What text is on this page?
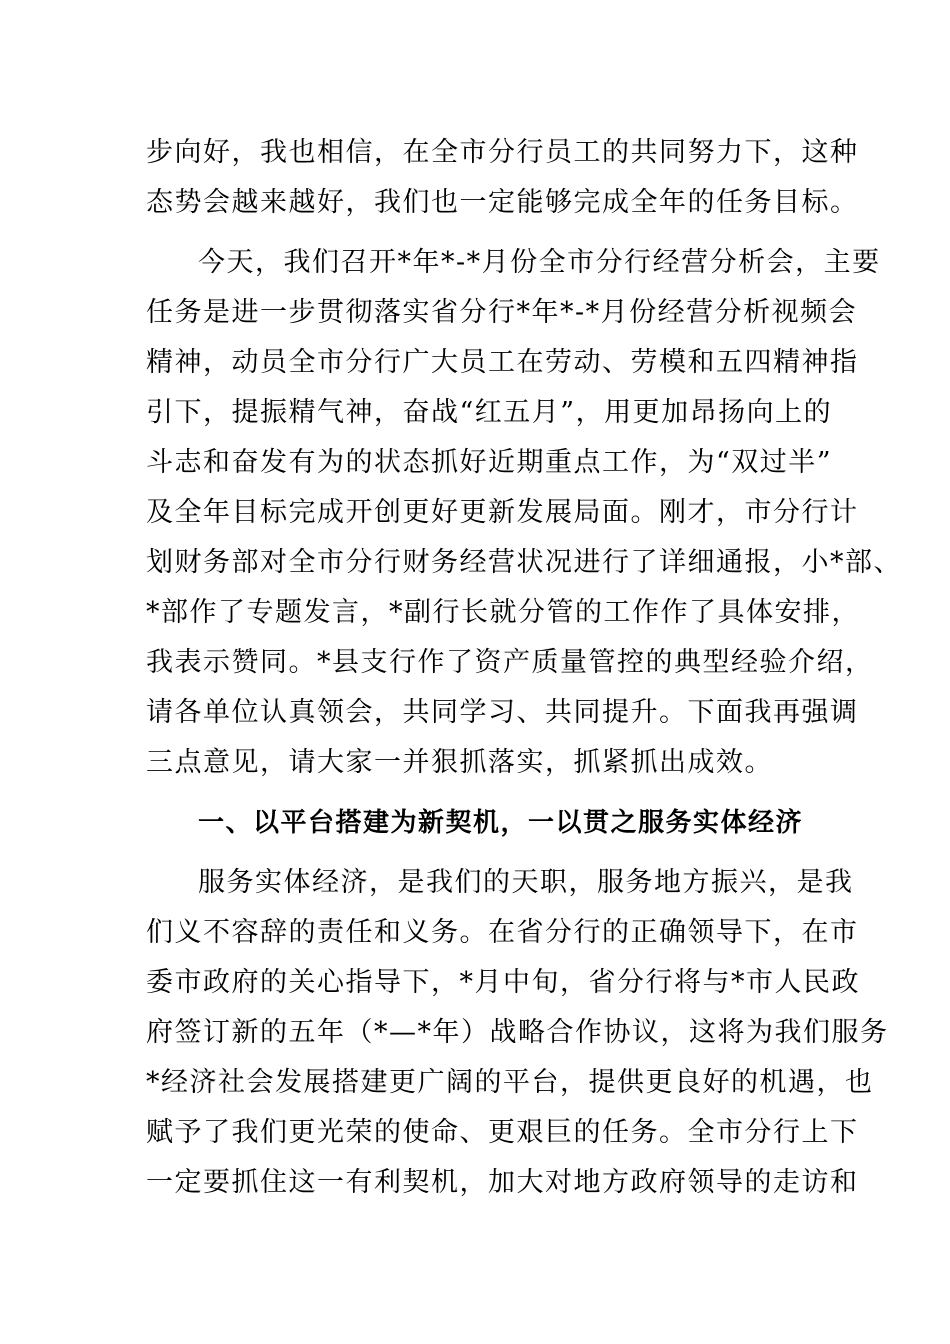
步向好，我也相信，在全市分行员工的共同努力下，这种
态势会越来越好，我们也一定能够完成全年的任务目标。
今天，我们召开*年*-*月份全市分行经营分析会，主要
任务是进一步贯彻落实省分行*年*-*月份经营分析视频会
精神，动员全市分行广大员工在劳动、劳模和五四精神指
引下，提振精气神，奋战“红五月”，用更加昂扬向上的
斗志和奋发有为的状态抓好近期重点工作，为“双过半”
及全年目标完成开创更好更新发展局面。刚才，市分行计
划财务部对全市分行财务经营状况进行了详细通报，小*部、
*部作了专题发言，*副行长就分管的工作作了具体安排，
我表示赞同。*县支行作了资产质量管控的典型经验介绍，
请各单位认真领会，共同学习、共同提升。下面我再强调
三点意见，请大家一并狠抓落实，抓紧抓出成效。
一、以平台搭建为新契机，一以贯之服务实体经济
服务实体经济，是我们的天职，服务地方振兴，是我
们义不容辞的责任和义务。在省分行的正确领导下，在市
委市政府的关心指导下，*月中旬，省分行将与*市人民政
府签订新的五年（*—*年）战略合作协议，这将为我们服务
*经济社会发展搭建更广阔的平台，提供更良好的机遇，也
赋予了我们更光荣的使命、更艰巨的任务。全市分行上下
一定要抓住这一有利契机，加大对地方政府领导的走访和
